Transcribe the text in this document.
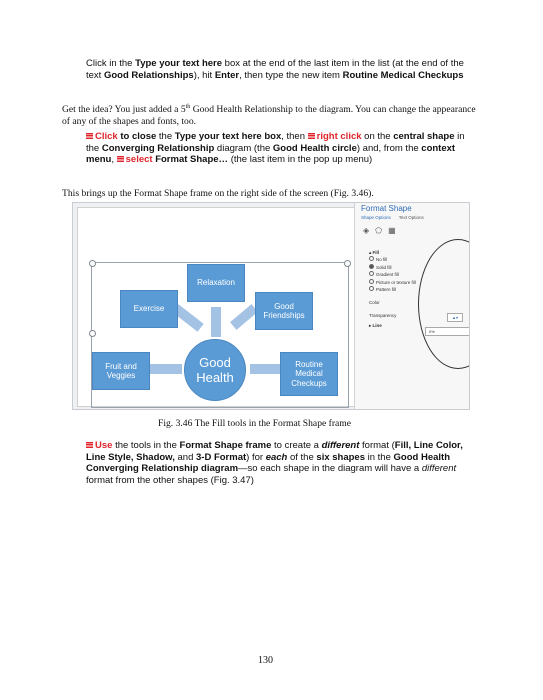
Click in the Type your text here box at the end of the last item in the list (at the end of the text Good Relationships), hit Enter, then type the new item Routine Medical Checkups
Get the idea? You just added a 5th Good Health Relationship to the diagram. You can change the appearance of any of the shapes and fonts, too.
Click to close the Type your text here box, then right click on the central shape in the Converging Relationship diagram (the Good Health circle) and, from the context menu, select Format Shape… (the last item in the pop up menu)
This brings up the Format Shape frame on the right side of the screen (Fig. 3.46).
Relaxation
Exercise	Good Friendships
Fruit and Veggies
Good Health
Routine Medical Checkups
Format Shape
Shape Options Text Options
◈⬠▦
▴ Fill
No fill
Solid fill
Gradient fill
Picture or texture fill
Pattern fill
Color
Transparency
▸ Line
▲▾
0%
Fig. 3.46 The Fill tools in the Format Shape frame
Use the tools in the Format Shape frame to create a different format (Fill, Line Color, Line Style, Shadow, and 3-D Format) for each of the six shapes in the Good Health Converging Relationship diagram—so each shape in the diagram will have a different format from the other shapes (Fig. 3.47)
130
